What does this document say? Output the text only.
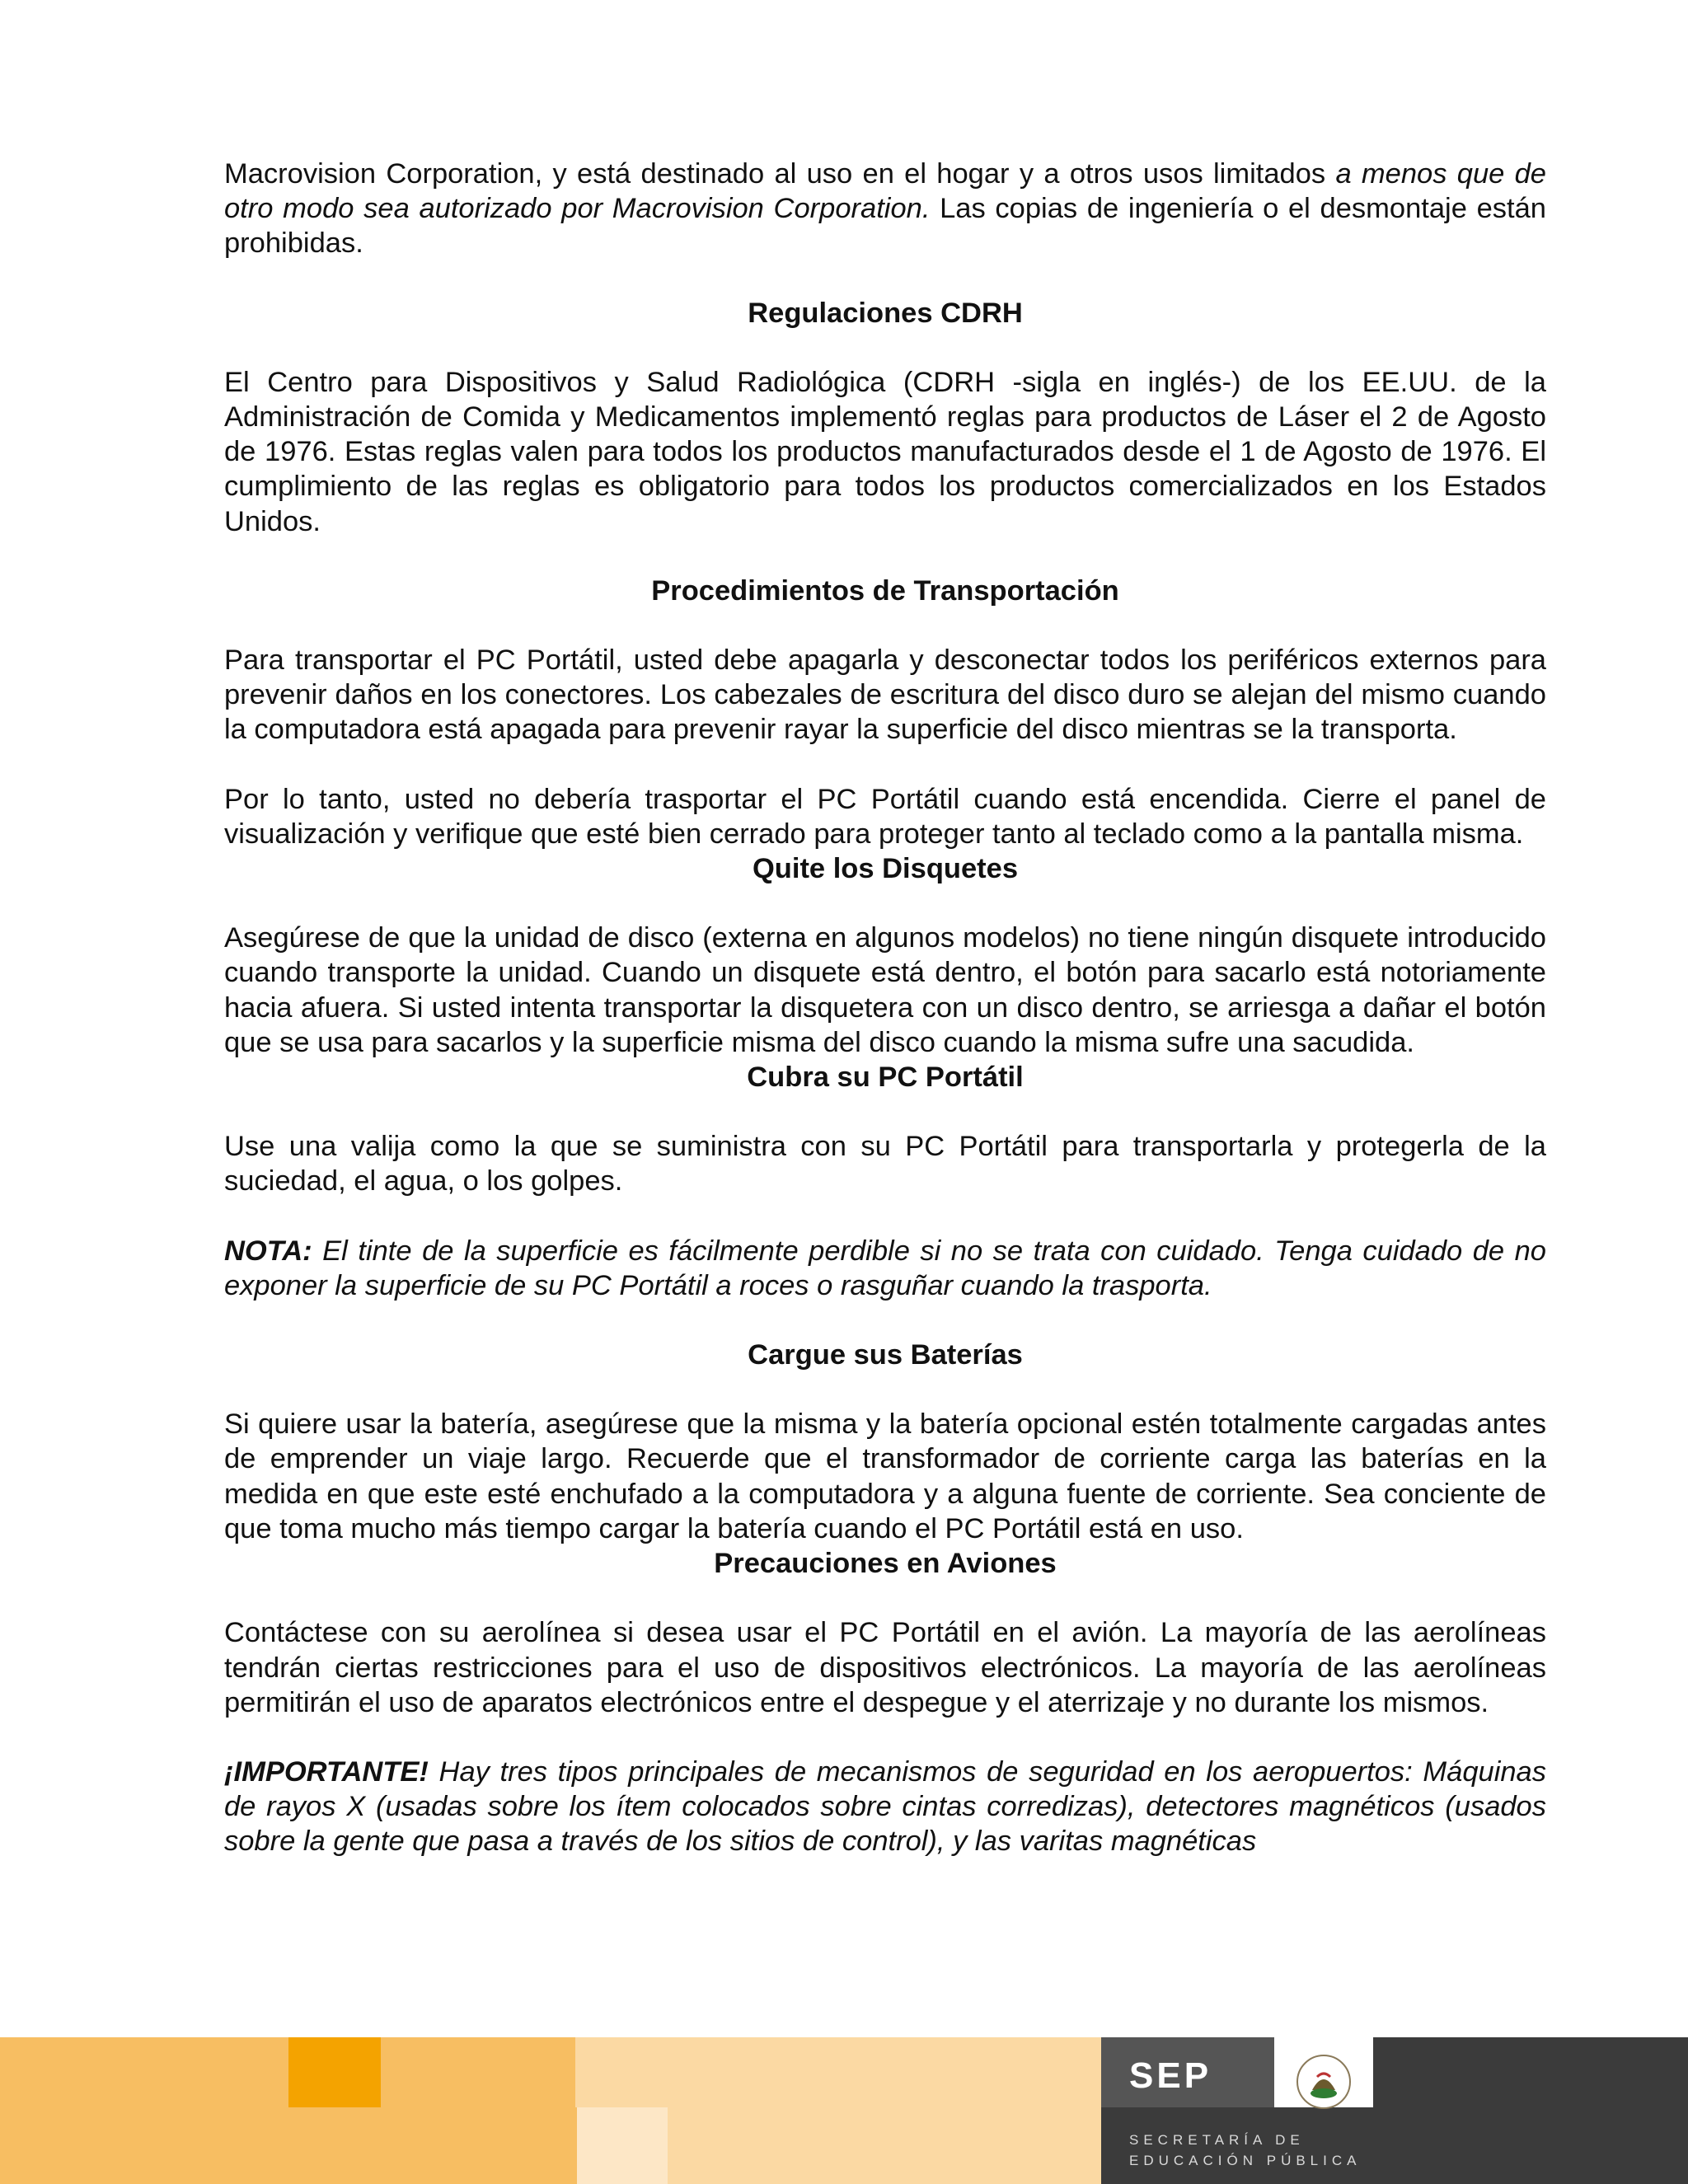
Macrovision Corporation, y está destinado al uso en el hogar y a otros usos limitados a menos que de otro modo sea autorizado por Macrovision Corporation. Las copias de ingeniería o el desmontaje están prohibidas.

Regulaciones CDRH

El Centro para Dispositivos y Salud Radiológica (CDRH -sigla en inglés-) de los EE.UU. de la Administración de Comida y Medicamentos implementó reglas para productos de Láser el 2 de Agosto de 1976. Estas reglas valen para todos los productos manufacturados desde el 1 de Agosto de 1976. El cumplimiento de las reglas es obligatorio para todos los productos comercializados en los Estados Unidos.

Procedimientos de Transportación

Para transportar el PC Portátil, usted debe apagarla y desconectar todos los periféricos externos para prevenir daños en los conectores. Los cabezales de escritura del disco duro se alejan del mismo cuando la computadora está apagada para prevenir rayar la superficie del disco mientras se la transporta.

Por lo tanto, usted no debería trasportar el PC Portátil cuando está encendida. Cierre el panel de visualización y verifique que esté bien cerrado para proteger tanto al teclado como a la pantalla misma.

Quite los Disquetes

Asegúrese de que la unidad de disco (externa en algunos modelos) no tiene ningún disquete introducido cuando transporte la unidad. Cuando un disquete está dentro, el botón para sacarlo está notoriamente hacia afuera. Si usted intenta transportar la disquetera con un disco dentro, se arriesga a dañar el botón que se usa para sacarlos y la superficie misma del disco cuando la misma sufre una sacudida.

Cubra su PC Portátil

Use una valija como la que se suministra con su PC Portátil para transportarla y protegerla de la suciedad, el agua, o los golpes.

NOTA: El tinte de la superficie es fácilmente perdible si no se trata con cuidado. Tenga cuidado de no exponer la superficie de su PC Portátil a roces o rasguñar cuando la trasporta.

Cargue sus Baterías

Si quiere usar la batería, asegúrese que la misma y la batería opcional estén totalmente cargadas antes de emprender un viaje largo. Recuerde que el transformador de corriente carga las baterías en la medida en que este esté enchufado a la computadora y a alguna fuente de corriente. Sea conciente de que toma mucho más tiempo cargar la batería cuando el PC Portátil está en uso.

Precauciones en Aviones

Contáctese con su aerolínea si desea usar el PC Portátil en el avión. La mayoría de las aerolíneas tendrán ciertas restricciones para el uso de dispositivos electrónicos. La mayoría de las aerolíneas permitirán el uso de aparatos electrónicos entre el despegue y el aterrizaje y no durante los mismos.

¡IMPORTANTE! Hay tres tipos principales de mecanismos de seguridad en los aeropuertos: Máquinas de rayos X (usadas sobre los ítem colocados sobre cintas corredizas), detectores magnéticos (usados sobre la gente que pasa a través de los sitios de control), y las varitas magnéticas

SEP
SECRETARÍA DE
EDUCACIÓN PÚBLICA
